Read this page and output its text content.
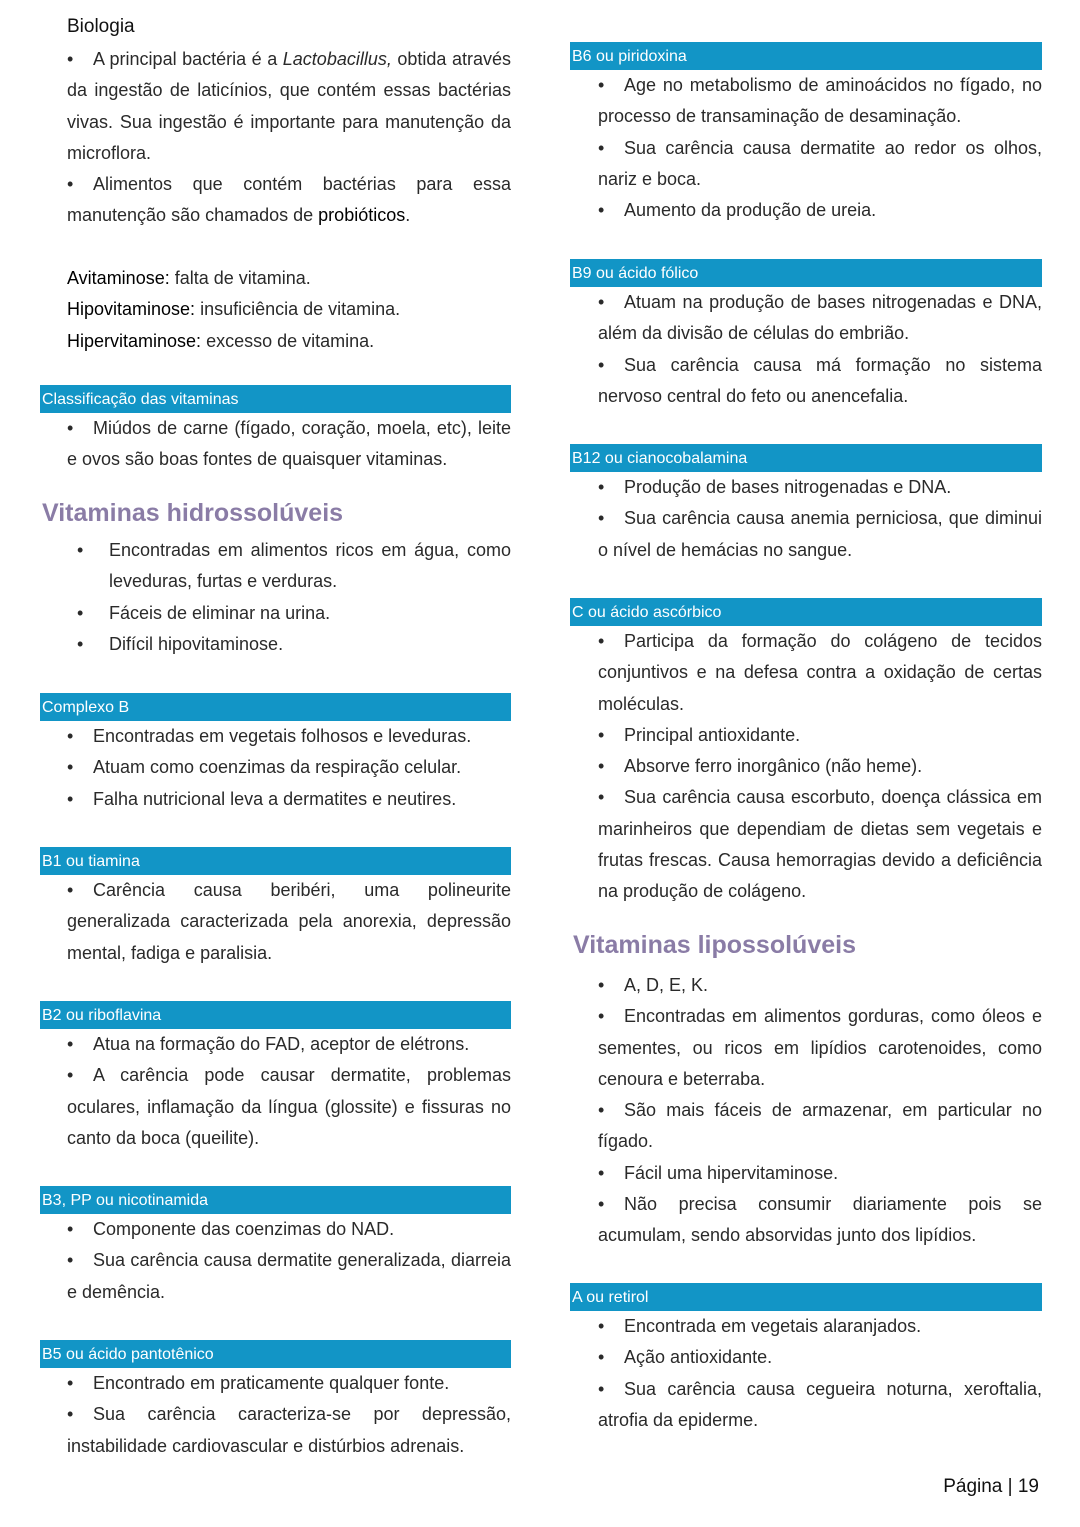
Biologia

• A principal bactéria é a Lactobacillus, obtida através da ingestão de laticínios, que contém essas bactérias vivas. Sua ingestão é importante para manutenção da microflora.

• Alimentos que contém bactérias para essa manutenção são chamados de probióticos.

Avitaminose: falta de vitamina.

Hipovitaminose: insuficiência de vitamina.

Hipervitaminose: excesso de vitamina.

Classificação das vitaminas

• Miúdos de carne (fígado, coração, moela, etc), leite e ovos são boas fontes de quaisquer vitaminas.

Vitaminas hidrossolúveis
• Encontradas em alimentos ricos em água, como leveduras, furtas e verduras.
• Fáceis de eliminar na urina.
• Difícil hipovitaminose.
Complexo B

• Encontradas em vegetais folhosos e leveduras.

• Atuam como coenzimas da respiração celular.

• Falha nutricional leva a dermatites e neutires.

B1 ou tiamina

• Carência causa beribéri, uma polineurite generalizada caracterizada pela anorexia, depressão mental, fadiga e paralisia.

B2 ou riboflavina

• Atua na formação do FAD, aceptor de elétrons.

• A carência pode causar dermatite, problemas oculares, inflamação da língua (glossite) e fissuras no canto da boca (queilite).

B3, PP ou nicotinamida

• Componente das coenzimas do NAD.

• Sua carência causa dermatite generalizada, diarreia e demência.

B5 ou ácido pantotênico

• Encontrado em praticamente qualquer fonte.

• Sua carência caracteriza-se por depressão, instabilidade cardiovascular e distúrbios adrenais.

B6 ou piridoxina

• Age no metabolismo de aminoácidos no fígado, no processo de transaminação de desaminação.

• Sua carência causa dermatite ao redor os olhos, nariz e boca.

• Aumento da produção de ureia.

B9 ou ácido fólico

• Atuam na produção de bases nitrogenadas e DNA, além da divisão de células do embrião.

• Sua carência causa má formação no sistema nervoso central do feto ou anencefalia.

B12 ou cianocobalamina

• Produção de bases nitrogenadas e DNA.

• Sua carência causa anemia perniciosa, que diminui o nível de hemácias no sangue.

C ou ácido ascórbico

• Participa da formação do colágeno de tecidos conjuntivos e na defesa contra a oxidação de certas moléculas.

• Principal antioxidante.

• Absorve ferro inorgânico (não heme).

• Sua carência causa escorbuto, doença clássica em marinheiros que dependiam de dietas sem vegetais e frutas frescas. Causa hemorragias devido a deficiência na produção de colágeno.

Vitaminas lipossolúveis

• A, D, E, K.

• Encontradas em alimentos gorduras, como óleos e sementes, ou ricos em lipídios carotenoides, como cenoura e beterraba.

• São mais fáceis de armazenar, em particular no fígado.

• Fácil uma hipervitaminose.

• Não precisa consumir diariamente pois se acumulam, sendo absorvidas junto dos lipídios.

A ou retirol

• Encontrada em vegetais alaranjados.

• Ação antioxidante.

• Sua carência causa cegueira noturna, xeroftalia, atrofia da epiderme.

Página | 19
